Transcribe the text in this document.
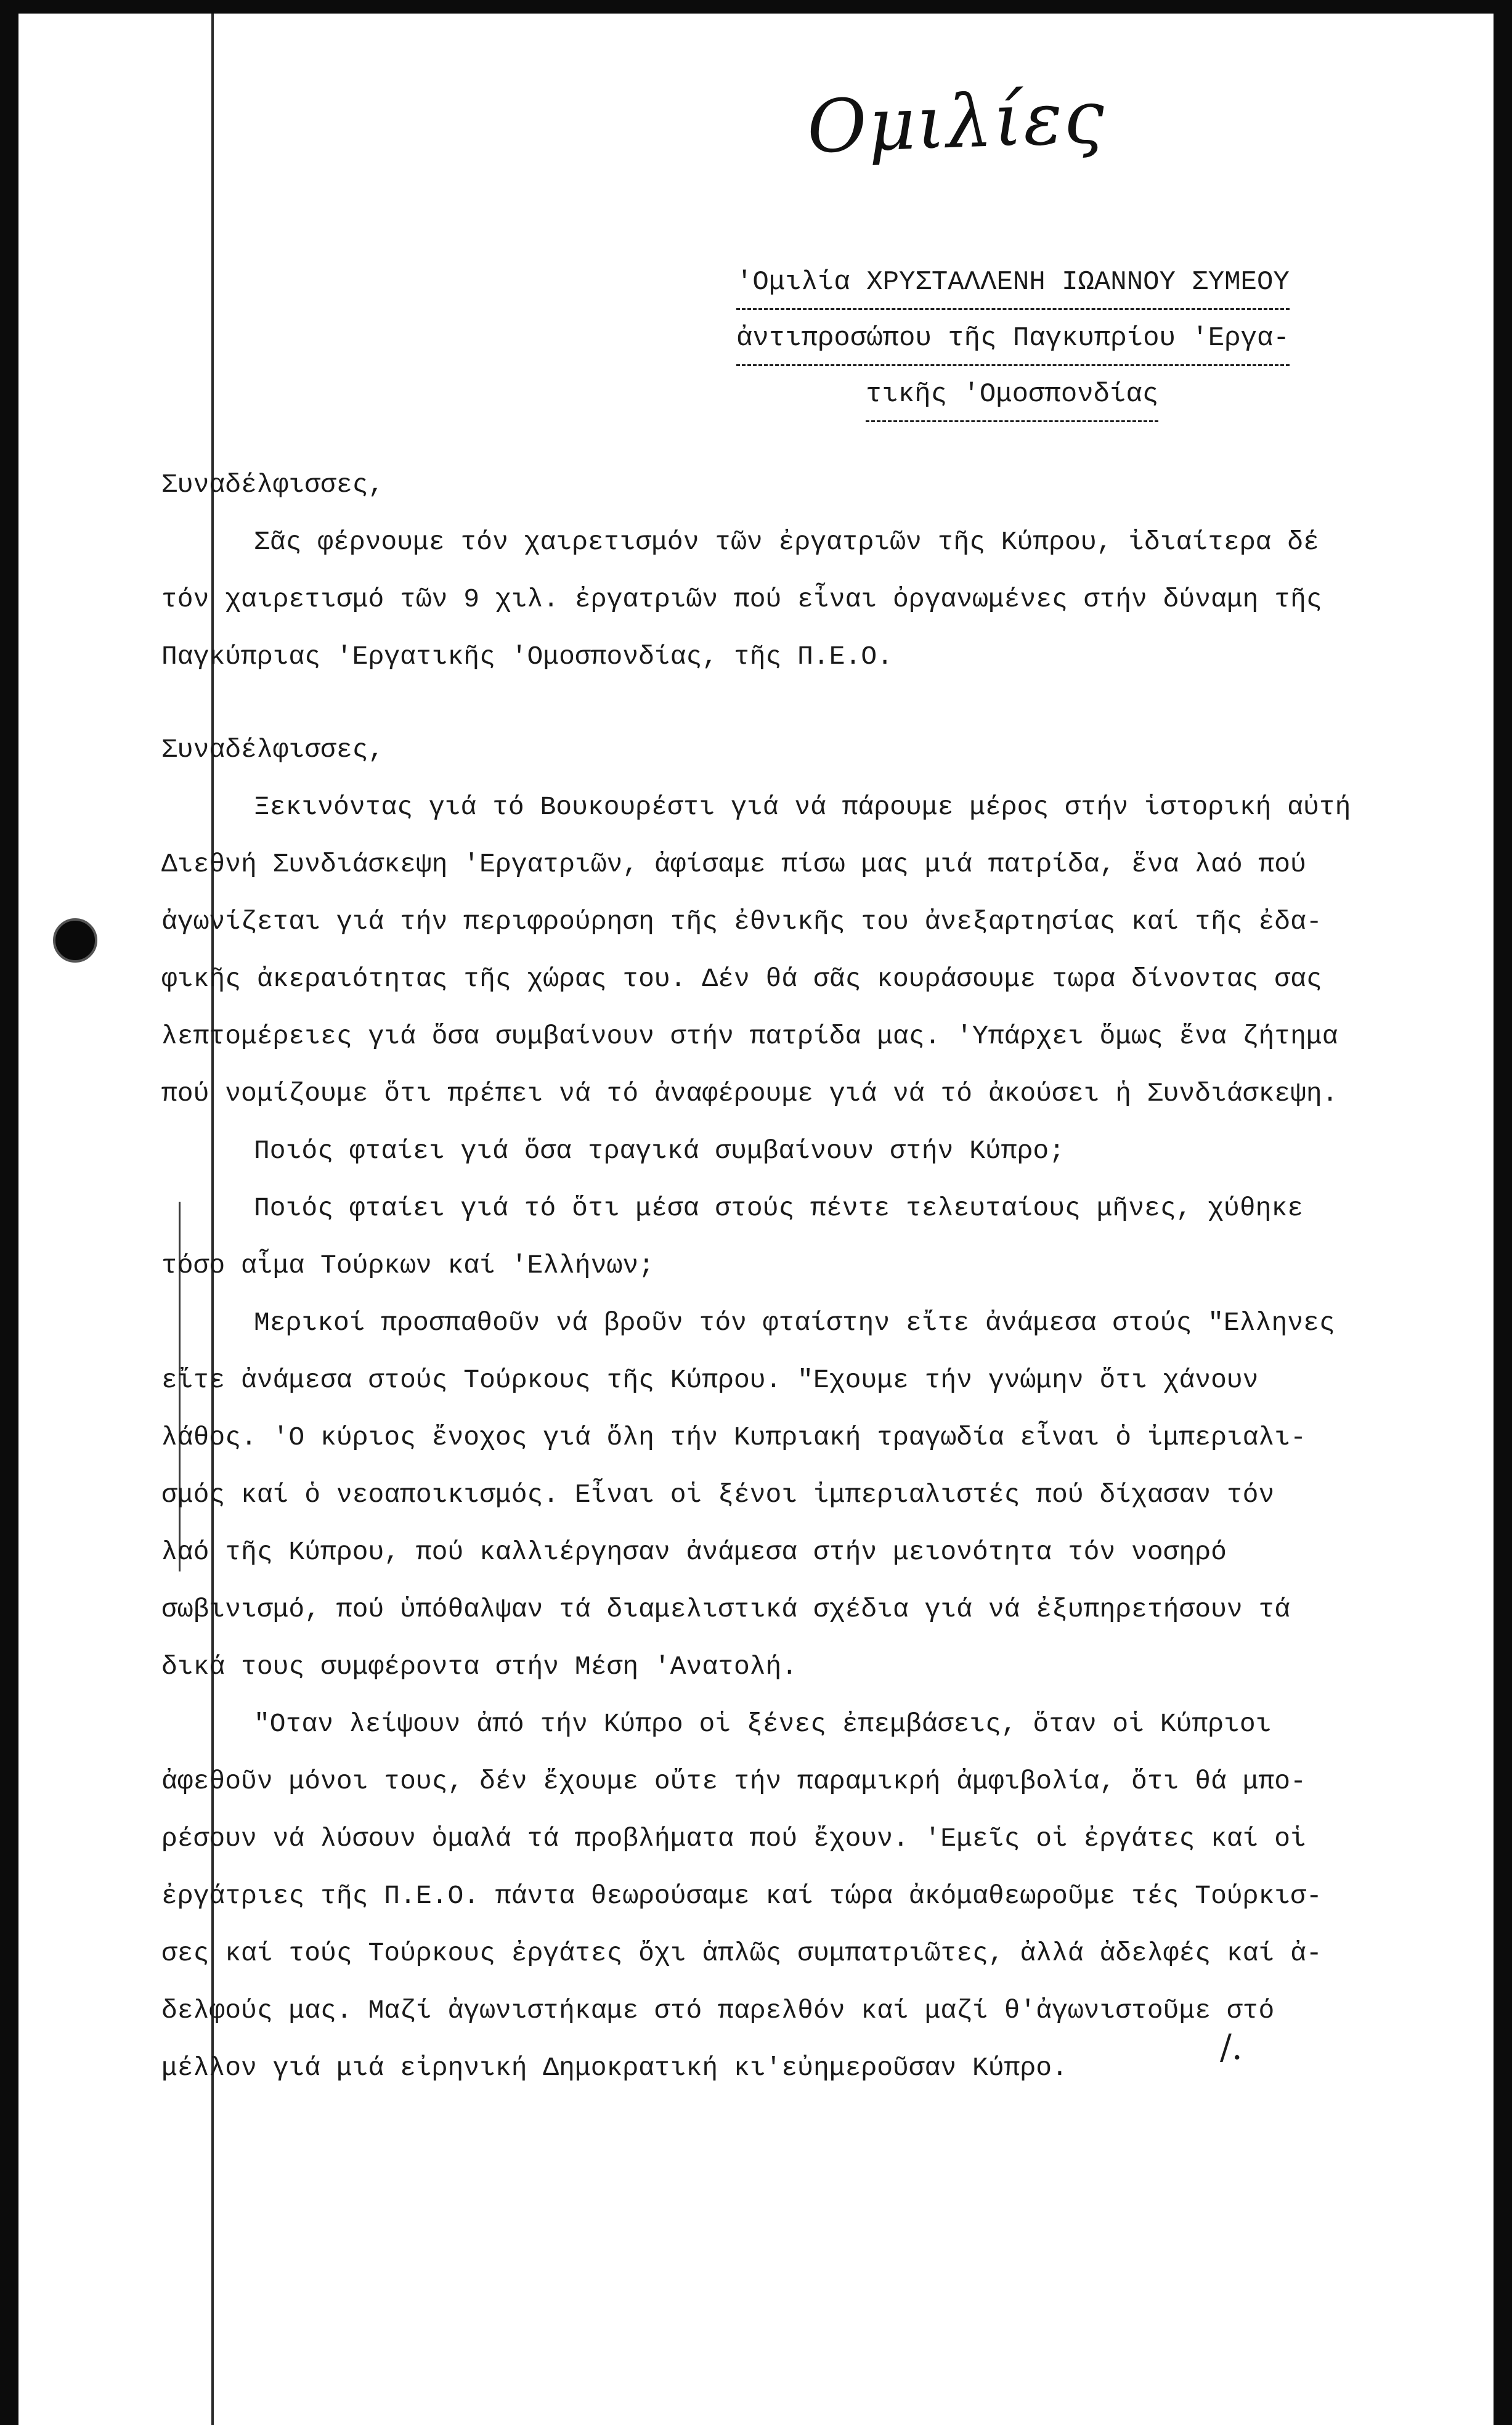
Ομιλίες
'Ομιλία ΧΡΥΣΤΑΛΛΕΝΗ ΙΩΑΝΝΟΥ ΣΥΜΕΟΥ
ἀντιπροσώπου τῆς Παγκυπρίου 'Εργα-
τικῆς 'Ομοσπονδίας
Συναδέλφισσες,
Σᾶς φέρνουμε τόν χαιρετισμόν τῶν ἐργατριῶν τῆς Κύπρου, ἰδιαίτερα δέ
τόν χαιρετισμό τῶν 9 χιλ. ἐργατριῶν πού εἶναι ὀργανωμένες στήν δύναμη τῆς
Παγκύπριας 'Εργατικῆς 'Ομοσπονδίας, τῆς Π.Ε.Ο.
Συναδέλφισσες,
Ξεκινόντας γιά τό Βουκουρέστι γιά νά πάρουμε μέρος στήν ἱστορική αὐτή
Διεθνή Συνδιάσκεψη 'Εργατριῶν, ἀφίσαμε πίσω μας μιά πατρίδα, ἕνα λαό πού
ἀγωνίζεται γιά τήν περιφρούρηση τῆς ἐθνικῆς του ἀνεξαρτησίας καί τῆς ἐδα-
φικῆς ἀκεραιότητας τῆς χώρας του. Δέν θά σᾶς κουράσουμε τωρα δίνοντας σας
λεπτομέρειες γιά ὅσα συμβαίνουν στήν πατρίδα μας. 'Υπάρχει ὅμως ἕνα ζήτημα
πού νομίζουμε ὅτι πρέπει νά τό ἀναφέρουμε γιά νά τό ἀκούσει ἡ Συνδιάσκεψη.
Ποιός φταίει γιά ὅσα τραγικά συμβαίνουν στήν Κύπρο;
Ποιός φταίει γιά τό ὅτι μέσα στούς πέντε τελευταίους μῆνες, χύθηκε
τόσο αἷμα Τούρκων καί 'Ελλήνων;
Μερικοί προσπαθοῦν νά βροῦν τόν φταίστην εἴτε ἀνάμεσα στούς "Ελληνες
εἴτε ἀνάμεσα στούς Τούρκους τῆς Κύπρου. "Εχουμε τήν γνώμην ὅτι χάνουν
λάθος. 'Ο κύριος ἔνοχος γιά ὅλη τήν Κυπριακή τραγωδία εἶναι ὁ ἰμπεριαλι-
σμός καί ὁ νεοαποικισμός. Εἶναι οἱ ξένοι ἰμπεριαλιστές πού δίχασαν τόν
λαό τῆς Κύπρου, πού καλλιέργησαν ἀνάμεσα στήν μειονότητα τόν νοσηρό
σωβινισμό, πού ὑπόθαλψαν τά διαμελιστικά σχέδια γιά νά ἐξυπηρετήσουν τά
δικά τους συμφέροντα στήν Μέση 'Ανατολή.
"Οταν λείψουν ἀπό τήν Κύπρο οἱ ξένες ἐπεμβάσεις, ὅταν οἱ Κύπριοι
ἀφεθοῦν μόνοι τους, δέν ἔχουμε οὔτε τήν παραμικρή ἀμφιβολία, ὅτι θά μπο-
ρέσουν νά λύσουν ὁμαλά τά προβλήματα πού ἔχουν. 'Εμεῖς οἱ ἐργάτες καί οἱ
ἐργάτριες τῆς Π.Ε.Ο. πάντα θεωρούσαμε καί τώρα ἀκόμαθεωροῦμε τές Τούρκισ-
σες καί τούς Τούρκους ἐργάτες ὄχι ἁπλῶς συμπατριῶτες, ἀλλά ἀδελφές καί ἀ-
δελφούς μας. Μαζί ἀγωνιστήκαμε στό παρελθόν καί μαζί θ'ἀγωνιστοῦμε στό
μέλλον γιά μιά εἰρηνική Δημοκρατική κι'εὐημεροῦσαν Κύπρο.
/.
